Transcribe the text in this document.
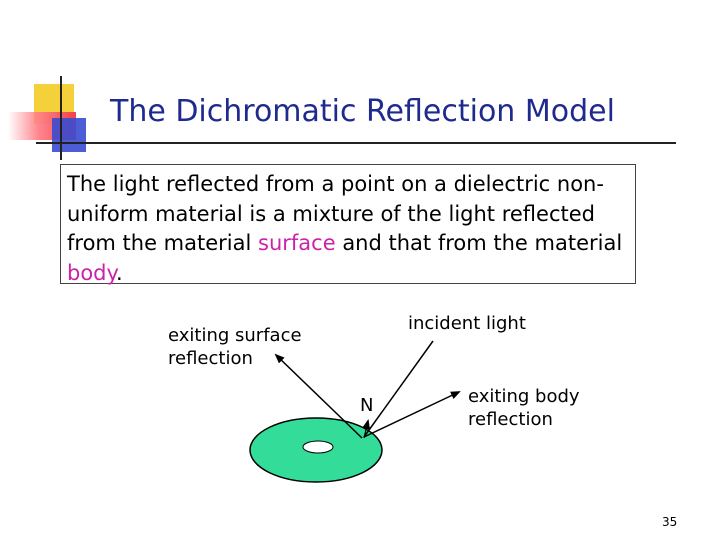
The Dichromatic Reflection Model
The light reflected from a point on a dielectric non-uniform material is a mixture of the light reflected from the material surface and that from the material body.
exiting surface reflection
incident light
exiting body reflection
N
35
